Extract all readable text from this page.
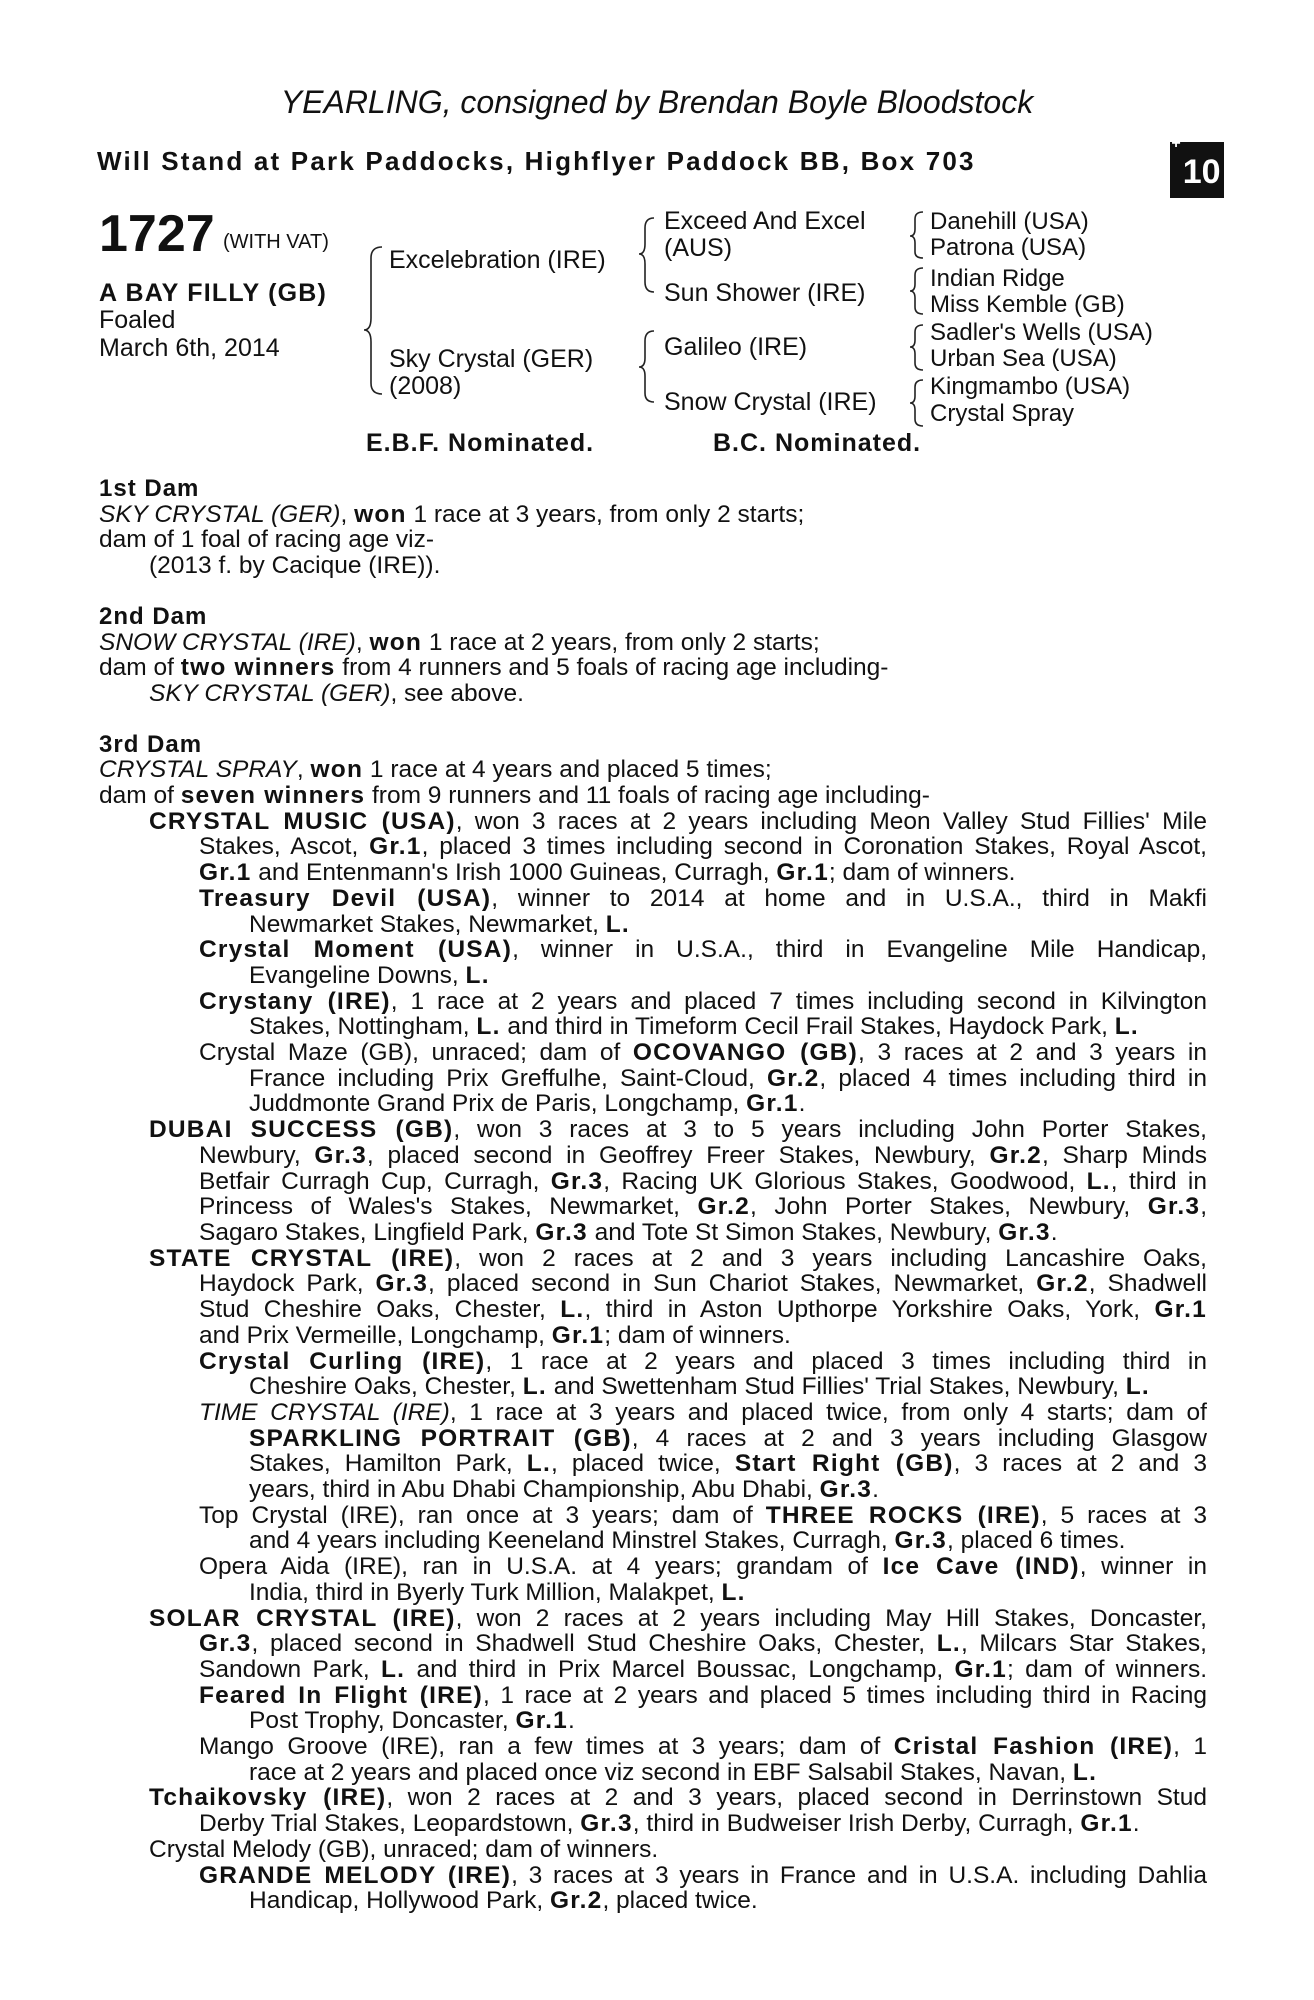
YEARLING, consigned by Brendan Boyle Bloodstock
Will Stand at Park Paddocks, Highflyer Paddock BB, Box 703
+10
1727 (WITH VAT)
A BAY FILLY (GB)
Foaled
March 6th, 2014
Excelebration (IRE)
Sky Crystal (GER)
(2008)
Exceed And Excel
(AUS)
Sun Shower (IRE)
Galileo (IRE)
Snow Crystal (IRE)
Danehill (USA)
Patrona (USA)
Indian Ridge
Miss Kemble (GB)
Sadler's Wells (USA)
Urban Sea (USA)
Kingmambo (USA)
Crystal Spray
E.B.F. Nominated.	B.C. Nominated.
1st Dam
SKY CRYSTAL (GER), won 1 race at 3 years, from only 2 starts;
dam of 1 foal of racing age viz-
(2013 f. by Cacique (IRE)).
2nd Dam
SNOW CRYSTAL (IRE), won 1 race at 2 years, from only 2 starts;
dam of two winners from 4 runners and 5 foals of racing age including-
SKY CRYSTAL (GER), see above.
3rd Dam
CRYSTAL SPRAY, won 1 race at 4 years and placed 5 times;
dam of seven winners from 9 runners and 11 foals of racing age including-
CRYSTAL MUSIC (USA), won 3 races at 2 years including Meon Valley Stud Fillies' Mile
Stakes, Ascot, Gr.1, placed 3 times including second in Coronation Stakes, Royal Ascot,
Gr.1 and Entenmann's Irish 1000 Guineas, Curragh, Gr.1; dam of winners.
Treasury Devil (USA), winner to 2014 at home and in U.S.A., third in Makfi
Newmarket Stakes, Newmarket, L.
Crystal Moment (USA), winner in U.S.A., third in Evangeline Mile Handicap,
Evangeline Downs, L.
Crystany (IRE), 1 race at 2 years and placed 7 times including second in Kilvington
Stakes, Nottingham, L. and third in Timeform Cecil Frail Stakes, Haydock Park, L.
Crystal Maze (GB), unraced; dam of OCOVANGO (GB), 3 races at 2 and 3 years in
France including Prix Greffulhe, Saint-Cloud, Gr.2, placed 4 times including third in
Juddmonte Grand Prix de Paris, Longchamp, Gr.1.
DUBAI SUCCESS (GB), won 3 races at 3 to 5 years including John Porter Stakes,
Newbury, Gr.3, placed second in Geoffrey Freer Stakes, Newbury, Gr.2, Sharp Minds
Betfair Curragh Cup, Curragh, Gr.3, Racing UK Glorious Stakes, Goodwood, L., third in
Princess of Wales's Stakes, Newmarket, Gr.2, John Porter Stakes, Newbury, Gr.3,
Sagaro Stakes, Lingfield Park, Gr.3 and Tote St Simon Stakes, Newbury, Gr.3.
STATE CRYSTAL (IRE), won 2 races at 2 and 3 years including Lancashire Oaks,
Haydock Park, Gr.3, placed second in Sun Chariot Stakes, Newmarket, Gr.2, Shadwell
Stud Cheshire Oaks, Chester, L., third in Aston Upthorpe Yorkshire Oaks, York, Gr.1
and Prix Vermeille, Longchamp, Gr.1; dam of winners.
Crystal Curling (IRE), 1 race at 2 years and placed 3 times including third in
Cheshire Oaks, Chester, L. and Swettenham Stud Fillies' Trial Stakes, Newbury, L.
TIME CRYSTAL (IRE), 1 race at 3 years and placed twice, from only 4 starts; dam of
SPARKLING PORTRAIT (GB), 4 races at 2 and 3 years including Glasgow
Stakes, Hamilton Park, L., placed twice, Start Right (GB), 3 races at 2 and 3
years, third in Abu Dhabi Championship, Abu Dhabi, Gr.3.
Top Crystal (IRE), ran once at 3 years; dam of THREE ROCKS (IRE), 5 races at 3
and 4 years including Keeneland Minstrel Stakes, Curragh, Gr.3, placed 6 times.
Opera Aida (IRE), ran in U.S.A. at 4 years; grandam of Ice Cave (IND), winner in
India, third in Byerly Turk Million, Malakpet, L.
SOLAR CRYSTAL (IRE), won 2 races at 2 years including May Hill Stakes, Doncaster,
Gr.3, placed second in Shadwell Stud Cheshire Oaks, Chester, L., Milcars Star Stakes,
Sandown Park, L. and third in Prix Marcel Boussac, Longchamp, Gr.1; dam of winners.
Feared In Flight (IRE), 1 race at 2 years and placed 5 times including third in Racing
Post Trophy, Doncaster, Gr.1.
Mango Groove (IRE), ran a few times at 3 years; dam of Cristal Fashion (IRE), 1
race at 2 years and placed once viz second in EBF Salsabil Stakes, Navan, L.
Tchaikovsky (IRE), won 2 races at 2 and 3 years, placed second in Derrinstown Stud
Derby Trial Stakes, Leopardstown, Gr.3, third in Budweiser Irish Derby, Curragh, Gr.1.
Crystal Melody (GB), unraced; dam of winners.
GRANDE MELODY (IRE), 3 races at 3 years in France and in U.S.A. including Dahlia
Handicap, Hollywood Park, Gr.2, placed twice.
